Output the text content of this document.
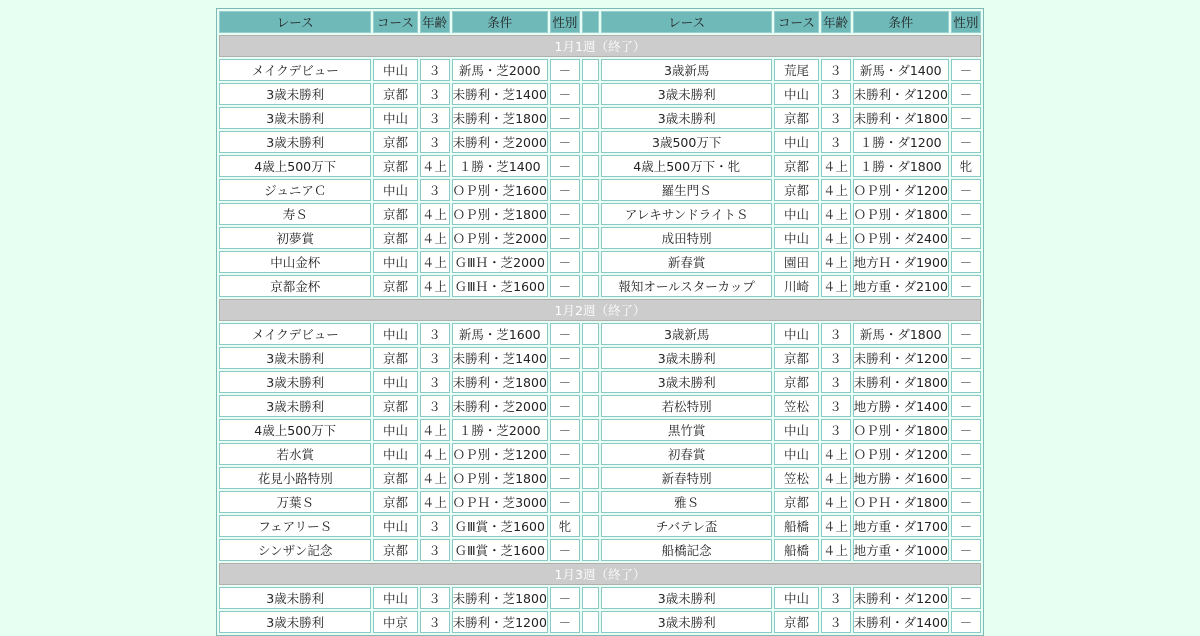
レース	コース	年齢	条件	性別		レース	コース	年齢	条件	性別
1月1週（終了）										
メイクデビュー	中山	３	新馬・芝2000	－		3歳新馬	荒尾	３	新馬・ダ1400	－
3歳未勝利	京都	３	未勝利・芝1400	－		3歳未勝利	中山	３	未勝利・ダ1200	－
3歳未勝利	中山	３	未勝利・芝1800	－		3歳未勝利	京都	３	未勝利・ダ1800	－
3歳未勝利	京都	３	未勝利・芝2000	－		3歳500万下	中山	３	１勝・ダ1200	－
4歳上500万下	京都	４上	１勝・芝1400	－		4歳上500万下・牝	京都	４上	１勝・ダ1800	牝
ジュニアＣ	中山	３	ＯＰ別・芝1600	－		羅生門Ｓ	京都	４上	ＯＰ別・ダ1200	－
寿Ｓ	京都	４上	ＯＰ別・芝1800	－		アレキサンドライトＳ	中山	４上	ＯＰ別・ダ1800	－
初夢賞	京都	４上	ＯＰ別・芝2000	－		成田特別	中山	４上	ＯＰ別・ダ2400	－
中山金杯	中山	４上	ＧⅢＨ・芝2000	－		新春賞	園田	４上	地方Ｈ・ダ1900	－
京都金杯	京都	４上	ＧⅢＨ・芝1600	－		報知オールスターカップ	川崎	４上	地方重・ダ2100	－
1月2週（終了）										
メイクデビュー	中山	３	新馬・芝1600	－		3歳新馬	中山	３	新馬・ダ1800	－
3歳未勝利	京都	３	未勝利・芝1400	－		3歳未勝利	京都	３	未勝利・ダ1200	－
3歳未勝利	中山	３	未勝利・芝1800	－		3歳未勝利	京都	３	未勝利・ダ1800	－
3歳未勝利	京都	３	未勝利・芝2000	－		若松特別	笠松	３	地方勝・ダ1400	－
4歳上500万下	中山	４上	１勝・芝2000	－		黒竹賞	中山	３	ＯＰ別・ダ1800	－
若水賞	中山	４上	ＯＰ別・芝1200	－		初春賞	中山	４上	ＯＰ別・ダ1200	－
花見小路特別	京都	４上	ＯＰ別・芝1800	－		新春特別	笠松	４上	地方勝・ダ1600	－
万葉Ｓ	京都	４上	ＯＰＨ・芝3000	－		雅Ｓ	京都	４上	ＯＰＨ・ダ1800	－
フェアリーＳ	中山	３	ＧⅢ賞・芝1600	牝		チバテレ盃	船橋	４上	地方重・ダ1700	－
シンザン記念	京都	３	ＧⅢ賞・芝1600	－		船橋記念	船橋	４上	地方重・ダ1000	－
1月3週（終了）										
3歳未勝利	中山	３	未勝利・芝1800	－		3歳未勝利	中山	３	未勝利・ダ1200	－
3歳未勝利	中京	３	未勝利・芝1200	－		3歳未勝利	京都	３	未勝利・ダ1400	－
